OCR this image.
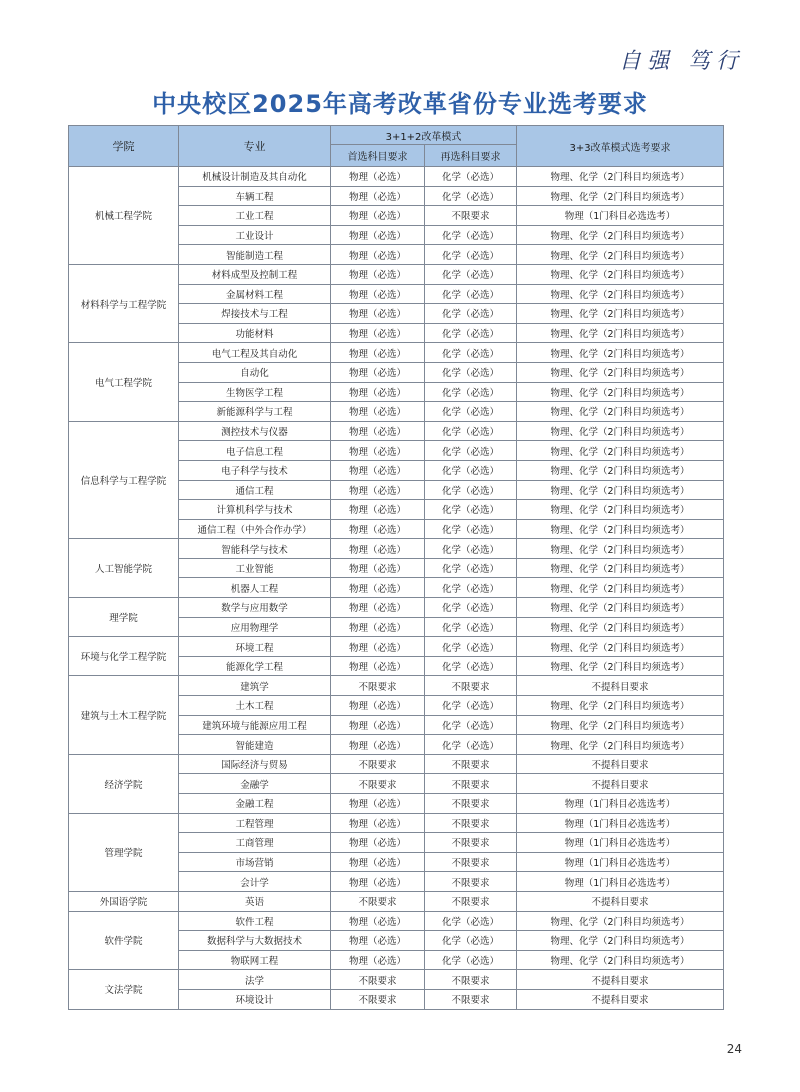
自强 笃行
中央校区2025年高考改革省份专业选考要求
学院	专业	3+1+2改革模式		3+3改革模式选考要求
		首选科目要求	再选科目要求	
机械工程学院	机械设计制造及其自动化	物理（必选）	化学（必选）	物理、化学（2门科目均须选考）
	车辆工程	物理（必选）	化学（必选）	物理、化学（2门科目均须选考）
	工业工程	物理（必选）	不限要求	物理（1门科目必选选考）
	工业设计	物理（必选）	化学（必选）	物理、化学（2门科目均须选考）
	智能制造工程	物理（必选）	化学（必选）	物理、化学（2门科目均须选考）
材料科学与工程学院	材料成型及控制工程	物理（必选）	化学（必选）	物理、化学（2门科目均须选考）
	金属材料工程	物理（必选）	化学（必选）	物理、化学（2门科目均须选考）
	焊接技术与工程	物理（必选）	化学（必选）	物理、化学（2门科目均须选考）
	功能材料	物理（必选）	化学（必选）	物理、化学（2门科目均须选考）
电气工程学院	电气工程及其自动化	物理（必选）	化学（必选）	物理、化学（2门科目均须选考）
	自动化	物理（必选）	化学（必选）	物理、化学（2门科目均须选考）
	生物医学工程	物理（必选）	化学（必选）	物理、化学（2门科目均须选考）
	新能源科学与工程	物理（必选）	化学（必选）	物理、化学（2门科目均须选考）
信息科学与工程学院	测控技术与仪器	物理（必选）	化学（必选）	物理、化学（2门科目均须选考）
	电子信息工程	物理（必选）	化学（必选）	物理、化学（2门科目均须选考）
	电子科学与技术	物理（必选）	化学（必选）	物理、化学（2门科目均须选考）
	通信工程	物理（必选）	化学（必选）	物理、化学（2门科目均须选考）
	计算机科学与技术	物理（必选）	化学（必选）	物理、化学（2门科目均须选考）
	通信工程（中外合作办学）	物理（必选）	化学（必选）	物理、化学（2门科目均须选考）
人工智能学院	智能科学与技术	物理（必选）	化学（必选）	物理、化学（2门科目均须选考）
	工业智能	物理（必选）	化学（必选）	物理、化学（2门科目均须选考）
	机器人工程	物理（必选）	化学（必选）	物理、化学（2门科目均须选考）
理学院	数学与应用数学	物理（必选）	化学（必选）	物理、化学（2门科目均须选考）
	应用物理学	物理（必选）	化学（必选）	物理、化学（2门科目均须选考）
环境与化学工程学院	环境工程	物理（必选）	化学（必选）	物理、化学（2门科目均须选考）
	能源化学工程	物理（必选）	化学（必选）	物理、化学（2门科目均须选考）
建筑与土木工程学院	建筑学	不限要求	不限要求	不提科目要求
	土木工程	物理（必选）	化学（必选）	物理、化学（2门科目均须选考）
	建筑环境与能源应用工程	物理（必选）	化学（必选）	物理、化学（2门科目均须选考）
	智能建造	物理（必选）	化学（必选）	物理、化学（2门科目均须选考）
经济学院	国际经济与贸易	不限要求	不限要求	不提科目要求
	金融学	不限要求	不限要求	不提科目要求
	金融工程	物理（必选）	不限要求	物理（1门科目必选选考）
管理学院	工程管理	物理（必选）	不限要求	物理（1门科目必选选考）
	工商管理	物理（必选）	不限要求	物理（1门科目必选选考）
	市场营销	物理（必选）	不限要求	物理（1门科目必选选考）
	会计学	物理（必选）	不限要求	物理（1门科目必选选考）
外国语学院	英语	不限要求	不限要求	不提科目要求
软件学院	软件工程	物理（必选）	化学（必选）	物理、化学（2门科目均须选考）
	数据科学与大数据技术	物理（必选）	化学（必选）	物理、化学（2门科目均须选考）
	物联网工程	物理（必选）	化学（必选）	物理、化学（2门科目均须选考）
文法学院	法学	不限要求	不限要求	不提科目要求
	环境设计	不限要求	不限要求	不提科目要求
24
